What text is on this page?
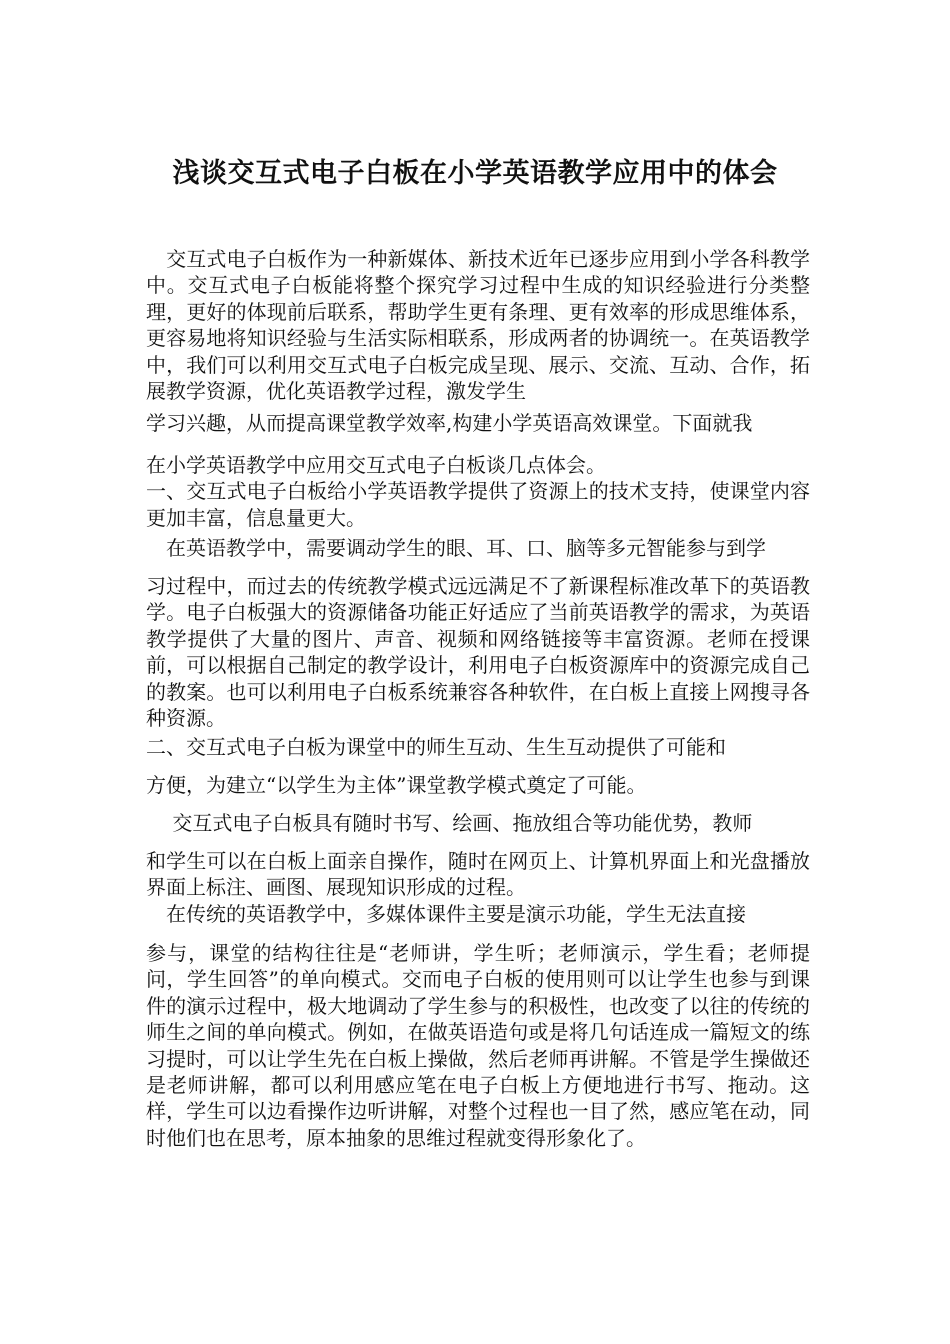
浅谈交互式电子白板在小学英语教学应用中的体会

　交互式电子白板作为一种新媒体、新技术近年已逐步应用到小学各科教学中。交互式电子白板能将整个探究学习过程中生成的知识经验进行分类整理，更好的体现前后联系，帮助学生更有条理、更有效率的形成思维体系，更容易地将知识经验与生活实际相联系，形成两者的协调统一。在英语教学中，我们可以利用交互式电子白板完成呈现、展示、交流、互动、合作，拓展教学资源，优化英语教学过程，激发学生

学习兴趣，从而提高课堂教学效率,构建小学英语高效课堂。下面就我

在小学英语教学中应用交互式电子白板谈几点体会。
一、交互式电子白板给小学英语教学提供了资源上的技术支持，使课堂内容更加丰富，信息量更大。

　在英语教学中，需要调动学生的眼、耳、口、脑等多元智能参与到学

习过程中，而过去的传统教学模式远远满足不了新课程标准改革下的英语教学。电子白板强大的资源储备功能正好适应了当前英语教学的需求，为英语教学提供了大量的图片、声音、视频和网络链接等丰富资源。老师在授课前，可以根据自己制定的教学设计，利用电子白板资源库中的资源完成自己的教案。也可以利用电子白板系统兼容各种软件，在白板上直接上网搜寻各种资源。

二、交互式电子白板为课堂中的师生互动、生生互动提供了可能和

方便，为建立“以学生为主体”课堂教学模式奠定了可能。

　 交互式电子白板具有随时书写、绘画、拖放组合等功能优势，教师

和学生可以在白板上面亲自操作，随时在网页上、计算机界面上和光盘播放界面上标注、画图、展现知识形成的过程。
　在传统的英语教学中，多媒体课件主要是演示功能，学生无法直接

参与，课堂的结构往往是“老师讲，学生听；老师演示，学生看；老师提问，学生回答”的单向模式。交而电子白板的使用则可以让学生也参与到课件的演示过程中，极大地调动了学生参与的积极性，也改变了以往的传统的师生之间的单向模式。例如，在做英语造句或是将几句话连成一篇短文的练习提时，可以让学生先在白板上操做，然后老师再讲解。不管是学生操做还是老师讲解，都可以利用感应笔在电子白板上方便地进行书写、拖动。这样，学生可以边看操作边听讲解，对整个过程也一目了然，感应笔在动，同时他们也在思考，原本抽象的思维过程就变得形象化了。
